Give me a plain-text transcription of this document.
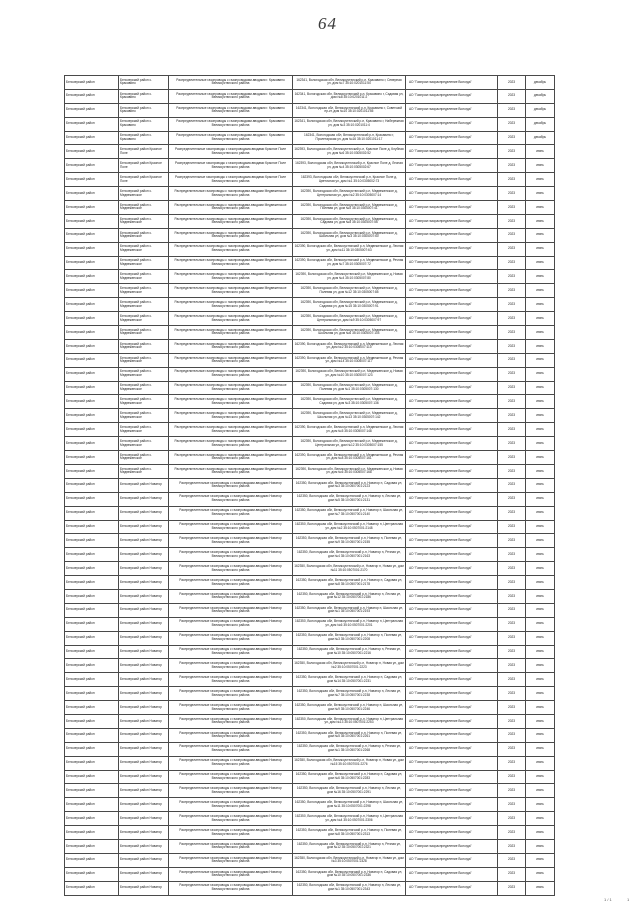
64
Белозерский район	Белозерский район с. Красавино	Распределительные газопроводы с газопроводами-вводами г. Красавино Великоустюгского района	162341, Вологодская обл, Великоустюгский р-н, Красавино г, Северная ул, дом №7 35:10:0201011:54	АО "Газпром газораспределение Вологда"	2023	декабрь
Белозерский район	Белозерский район с. Красавино	Распределительные газопроводы с газопроводами-вводами г. Красавино Великоустюгского района	162341, Вологодская обл, Великоустюгский р-н, Красавино г, Садовая ул, дом №8 35:10:0201011:2	АО "Газпром газораспределение Вологда"	2023	декабрь
Белозерский район	Белозерский район с. Красавино	Распределительные газопроводы с газопроводами-вводами г. Красавино Великоустюгского района	162341, Вологодская обл, Великоустюгский р-н, Красавино г, Советский пр-кт, дом №10 35:10:0201011:55	АО "Газпром газораспределение Вологда"	2023	декабрь
Белозерский район	Белозерский район с. Красавино	Распределительные газопроводы с газопроводами-вводами г. Красавино Великоустюгского района	162341, Вологодская обл, Великоустюгский р-н, Красавино г, Набережная ул, дом №3 35:10:0201011:4	АО "Газпром газораспределение Вологда"	2023	декабрь
Белозерский район	Белозерский район с. Красавино	Распределительные газопроводы с газопроводами-вводами г. Красавино Великоустюгского района	162341, Вологодская обл, Великоустюгский р-н, Красавино г, Пролетарская ул, дом №16 35:10:0201011:17	АО "Газпром газораспределение Вологда"	2023	декабрь
Белозерский район	Белозерский район Красное Поле	Распределительные газопроводы с газопроводами-вводами Красное Поле Великоустюгского района	162393, Вологодская обл, Великоустюгский р-н, Красное Поле д, Клубная ул, дом №6 35:10:0305002:52	АО "Газпром газораспределение Вологда"	2023	июнь
Белозерский район	Белозерский район Красное Поле	Распределительные газопроводы с газопроводами-вводами Красное Поле Великоустюгского района	162393, Вологодская обл, Великоустюгский р-н, Красное Поле д, Лесная ул, дом №4 35:10:0305002:67	АО "Газпром газораспределение Вологда"	2023	июнь
Белозерский район	Белозерский район Красное Поле	Распределительные газопроводы с газопроводами-вводами Красное Поле Великоустюгского района	162393, Вологодская обл, Великоустюгский р-н, Красное Поле д, Цветочная ул, дом №1 35:10:0305002:73	АО "Газпром газораспределение Вологда"	2023	июнь
Белозерский район	Белозерский район с. Медвеженское	Распределительные газопроводы с газопроводами-вводами Медвеженское Великоустюгского района	162390, Вологодская обл, Великоустюгский р-н, Медвеженское д, Центральная ул, дом №2 35:10:0305007:14	АО "Газпром газораспределение Вологда"	2023	июнь
Белозерский район	Белозерский район с. Медвеженское	Распределительные газопроводы с газопроводами-вводами Медвеженское Великоустюгского района	162390, Вологодская обл, Великоустюгский р-н, Медвеженское д, Полевая ул, дом №5 35:10:0305007:41	АО "Газпром газораспределение Вологда"	2023	июнь
Белозерский район	Белозерский район с. Медвеженское	Распределительные газопроводы с газопроводами-вводами Медвеженское Великоустюгского района	162390, Вологодская обл, Великоустюгский р-н, Медвеженское д, Садовая ул, дом №8 35:10:0305007:56	АО "Газпром газораспределение Вологда"	2023	июнь
Белозерский район	Белозерский район с. Медвеженское	Распределительные газопроводы с газопроводами-вводами Медвеженское Великоустюгского района	162390, Вологодская обл, Великоустюгский р-н, Медвеженское д, Школьная ул, дом №3 35:10:0305007:60	АО "Газпром газораспределение Вологда"	2023	июнь
Белозерский район	Белозерский район с. Медвеженское	Распределительные газопроводы с газопроводами-вводами Медвеженское Великоустюгского района	162390, Вологодская обл, Великоустюгский р-н, Медвеженское д, Лесная ул, дом №11 35:10:0305007:63	АО "Газпром газораспределение Вологда"	2023	июнь
Белозерский район	Белозерский район с. Медвеженское	Распределительные газопроводы с газопроводами-вводами Медвеженское Великоустюгского района	162390, Вологодская обл, Великоустюгский р-н, Медвеженское д, Речная ул, дом №7 35:10:0305007:72	АО "Газпром газораспределение Вологда"	2023	июнь
Белозерский район	Белозерский район с. Медвеженское	Распределительные газопроводы с газопроводами-вводами Медвеженское Великоустюгского района	162390, Вологодская обл, Великоустюгский р-н, Медвеженское д, Новая ул, дом №4 35:10:0305007:80	АО "Газпром газораспределение Вологда"	2023	июнь
Белозерский район	Белозерский район с. Медвеженское	Распределительные газопроводы с газопроводами-вводами Медвеженское Великоустюгского района	162390, Вологодская обл, Великоустюгский р-н, Медвеженское д, Полевая ул, дом №12 35:10:0305007:85	АО "Газпром газораспределение Вологда"	2023	июнь
Белозерский район	Белозерский район с. Медвеженское	Распределительные газопроводы с газопроводами-вводами Медвеженское Великоустюгского района	162390, Вологодская обл, Великоустюгский р-н, Медвеженское д, Садовая ул, дом №15 35:10:0305007:91	АО "Газпром газораспределение Вологда"	2023	июнь
Белозерский район	Белозерский район с. Медвеженское	Распределительные газопроводы с газопроводами-вводами Медвеженское Великоустюгского района	162390, Вологодская обл, Великоустюгский р-н, Медвеженское д, Центральная ул, дом №9 35:10:0305007:97	АО "Газпром газораспределение Вологда"	2023	июнь
Белозерский район	Белозерский район с. Медвеженское	Распределительные газопроводы с газопроводами-вводами Медвеженское Великоустюгского района	162390, Вологодская обл, Великоустюгский р-н, Медвеженское д, Школьная ул, дом №6 35:10:0305007:104	АО "Газпром газораспределение Вологда"	2023	июнь
Белозерский район	Белозерский район с. Медвеженское	Распределительные газопроводы с газопроводами-вводами Медвеженское Великоустюгского района	162390, Вологодская обл, Великоустюгский р-н, Медвеженское д, Лесная ул, дом №2 35:10:0305007:110	АО "Газпром газораспределение Вологда"	2023	июнь
Белозерский район	Белозерский район с. Медвеженское	Распределительные газопроводы с газопроводами-вводами Медвеженское Великоустюгского района	162390, Вологодская обл, Великоустюгский р-н, Медвеженское д, Речная ул, дом №14 35:10:0305007:117	АО "Газпром газораспределение Вологда"	2023	июль
Белозерский район	Белозерский район с. Медвеженское	Распределительные газопроводы с газопроводами-вводами Медвеженское Великоустюгского района	162390, Вологодская обл, Великоустюгский р-н, Медвеженское д, Новая ул, дом №10 35:10:0305007:123	АО "Газпром газораспределение Вологда"	2023	июль
Белозерский район	Белозерский район с. Медвеженское	Распределительные газопроводы с газопроводами-вводами Медвеженское Великоустюгского района	162390, Вологодская обл, Великоустюгский р-н, Медвеженское д, Полевая ул, дом №1 35:10:0305007:130	АО "Газпром газораспределение Вологда"	2023	июль
Белозерский район	Белозерский район с. Медвеженское	Распределительные газопроводы с газопроводами-вводами Медвеженское Великоустюгского района	162390, Вологодская обл, Великоустюгский р-н, Медвеженское д, Садовая ул, дом №3 35:10:0305007:136	АО "Газпром газораспределение Вологда"	2023	июль
Белозерский район	Белозерский район с. Медвеженское	Распределительные газопроводы с газопроводами-вводами Медвеженское Великоустюгского района	162390, Вологодская обл, Великоустюгский р-н, Медвеженское д, Школьная ул, дом №13 35:10:0305007:142	АО "Газпром газораспределение Вологда"	2023	июль
Белозерский район	Белозерский район с. Медвеженское	Распределительные газопроводы с газопроводами-вводами Медвеженское Великоустюгского района	162390, Вологодская обл, Великоустюгский р-н, Медвеженское д, Лесная ул, дом №5 35:10:0305007:148	АО "Газпром газораспределение Вологда"	2023	июль
Белозерский район	Белозерский район с. Медвеженское	Распределительные газопроводы с газопроводами-вводами Медвеженское Великоустюгского района	162390, Вологодская обл, Великоустюгский р-н, Медвеженское д, Центральная ул, дом №12 35:10:0305007:155	АО "Газпром газораспределение Вологда"	2023	июль
Белозерский район	Белозерский район с. Медвеженское	Распределительные газопроводы с газопроводами-вводами Медвеженское Великоустюгского района	162390, Вологодская обл, Великоустюгский р-н, Медвеженское д, Речная ул, дом №8 35:10:0305007:161	АО "Газпром газораспределение Вологда"	2023	июль
Белозерский район	Белозерский район с. Медвеженское	Распределительные газопроводы с газопроводами-вводами Медвеженское Великоустюгского района	162390, Вологодская обл, Великоустюгский р-н, Медвеженское д, Новая ул, дом №6 35:10:0305007:168	АО "Газпром газораспределение Вологда"	2023	июль
Белозерский район	Белозерский район Новатор	Распределительные газопроводы с газопроводами-вводами Новатор Великоустюгского района	162350, Вологодская обл, Великоустюгский р-н, Новатор п, Садовая ул, дом №3 35:10:0507001:2123	АО "Газпром газораспределение Вологда"	2023	июль
Белозерский район	Белозерский район Новатор	Распределительные газопроводы с газопроводами-вводами Новатор Великоустюгского района	162350, Вологодская обл, Великоустюгский р-н, Новатор п, Лесная ул, дом №5 35:10:0507001:2131	АО "Газпром газораспределение Вологда"	2023	июль
Белозерский район	Белозерский район Новатор	Распределительные газопроводы с газопроводами-вводами Новатор Великоустюгского района	162350, Вологодская обл, Великоустюгский р-н, Новатор п, Школьная ул, дом №7 35:10:0507001:2140	АО "Газпром газораспределение Вологда"	2023	июль
Белозерский район	Белозерский район Новатор	Распределительные газопроводы с газопроводами-вводами Новатор Великоустюгского района	162350, Вологодская обл, Великоустюгский р-н, Новатор п, Центральная ул, дом №2 35:10:0507001:2148	АО "Газпром газораспределение Вологда"	2023	июль
Белозерский район	Белозерский район Новатор	Распределительные газопроводы с газопроводами-вводами Новатор Великоустюгского района	162350, Вологодская обл, Великоустюгский р-н, Новатор п, Полевая ул, дом №9 35:10:0507001:2155	АО "Газпром газораспределение Вологда"	2023	июль
Белозерский район	Белозерский район Новатор	Распределительные газопроводы с газопроводами-вводами Новатор Великоустюгского района	162350, Вологодская обл, Великоустюгский р-н, Новатор п, Речная ул, дом №4 35:10:0507001:2163	АО "Газпром газораспределение Вологда"	2023	июль
Белозерский район	Белозерский район Новатор	Распределительные газопроводы с газопроводами-вводами Новатор Великоустюгского района	162350, Вологодская обл, Великоустюгский р-н, Новатор п, Новая ул, дом №11 35:10:0507001:2170	АО "Газпром газораспределение Вологда"	2023	июль
Белозерский район	Белозерский район Новатор	Распределительные газопроводы с газопроводами-вводами Новатор Великоустюгского района	162350, Вологодская обл, Великоустюгский р-н, Новатор п, Садовая ул, дом №8 35:10:0507001:2178	АО "Газпром газораспределение Вологда"	2023	июль
Белозерский район	Белозерский район Новатор	Распределительные газопроводы с газопроводами-вводами Новатор Великоустюгского района	162350, Вологодская обл, Великоустюгский р-н, Новатор п, Лесная ул, дом №12 35:10:0507001:2186	АО "Газпром газораспределение Вологда"	2023	июль
Белозерский район	Белозерский район Новатор	Распределительные газопроводы с газопроводами-вводами Новатор Великоустюгского района	162350, Вологодская обл, Великоустюгский р-н, Новатор п, Школьная ул, дом №1 35:10:0507001:2193	АО "Газпром газораспределение Вологда"	2023	июль
Белозерский район	Белозерский район Новатор	Распределительные газопроводы с газопроводами-вводами Новатор Великоустюгского района	162350, Вологодская обл, Великоустюгский р-н, Новатор п, Центральная ул, дом №6 35:10:0507001:2201	АО "Газпром газораспределение Вологда"	2023	июль
Белозерский район	Белозерский район Новатор	Распределительные газопроводы с газопроводами-вводами Новатор Великоустюгского района	162350, Вологодская обл, Великоустюгский р-н, Новатор п, Полевая ул, дом №3 35:10:0507001:2208	АО "Газпром газораспределение Вологда"	2023	июль
Белозерский район	Белозерский район Новатор	Распределительные газопроводы с газопроводами-вводами Новатор Великоустюгского района	162350, Вологодская обл, Великоустюгский р-н, Новатор п, Речная ул, дом №10 35:10:0507001:2216	АО "Газпром газораспределение Вологда"	2023	июль
Белозерский район	Белозерский район Новатор	Распределительные газопроводы с газопроводами-вводами Новатор Великоустюгского района	162350, Вологодская обл, Великоустюгский р-н, Новатор п, Новая ул, дом №2 35:10:0507001:2223	АО "Газпром газораспределение Вологда"	2023	июль
Белозерский район	Белозерский район Новатор	Распределительные газопроводы с газопроводами-вводами Новатор Великоустюгского района	162350, Вологодская обл, Великоустюгский р-н, Новатор п, Садовая ул, дом №14 35:10:0507001:2231	АО "Газпром газораспределение Вологда"	2023	июль
Белозерский район	Белозерский район Новатор	Распределительные газопроводы с газопроводами-вводами Новатор Великоустюгского района	162350, Вологодская обл, Великоустюгский р-н, Новатор п, Лесная ул, дом №7 35:10:0507001:2238	АО "Газпром газораспределение Вологда"	2023	июль
Белозерский район	Белозерский район Новатор	Распределительные газопроводы с газопроводами-вводами Новатор Великоустюгского района	162350, Вологодская обл, Великоустюгский р-н, Новатор п, Школьная ул, дом №9 35:10:0507001:2246	АО "Газпром газораспределение Вологда"	2023	июль
Белозерский район	Белозерский район Новатор	Распределительные газопроводы с газопроводами-вводами Новатор Великоустюгского района	162350, Вологодская обл, Великоустюгский р-н, Новатор п, Центральная ул, дом №13 35:10:0507001:2253	АО "Газпром газораспределение Вологда"	2023	июль
Белозерский район	Белозерский район Новатор	Распределительные газопроводы с газопроводами-вводами Новатор Великоустюгского района	162350, Вологодская обл, Великоустюгский р-н, Новатор п, Полевая ул, дом №5 35:10:0507001:2261	АО "Газпром газораспределение Вологда"	2023	июль
Белозерский район	Белозерский район Новатор	Распределительные газопроводы с газопроводами-вводами Новатор Великоустюгского района	162350, Вологодская обл, Великоустюгский р-н, Новатор п, Речная ул, дом №1 35:10:0507001:2268	АО "Газпром газораспределение Вологда"	2023	июль
Белозерский район	Белозерский район Новатор	Распределительные газопроводы с газопроводами-вводами Новатор Великоустюгского района	162350, Вологодская обл, Великоустюгский р-н, Новатор п, Новая ул, дом №15 35:10:0507001:2276	АО "Газпром газораспределение Вологда"	2023	июль
Белозерский район	Белозерский район Новатор	Распределительные газопроводы с газопроводами-вводами Новатор Великоустюгского района	162350, Вологодская обл, Великоустюгский р-н, Новатор п, Садовая ул, дом №6 35:10:0507001:2283	АО "Газпром газораспределение Вологда"	2023	июль
Белозерский район	Белозерский район Новатор	Распределительные газопроводы с газопроводами-вводами Новатор Великоустюгского района	162350, Вологодская обл, Великоустюгский р-н, Новатор п, Лесная ул, дом №16 35:10:0507001:2291	АО "Газпром газораспределение Вологда"	2023	июль
Белозерский район	Белозерский район Новатор	Распределительные газопроводы с газопроводами-вводами Новатор Великоустюгского района	162350, Вологодская обл, Великоустюгский р-н, Новатор п, Школьная ул, дом №11 35:10:0507001:2298	АО "Газпром газораспределение Вологда"	2023	июль
Белозерский район	Белозерский район Новатор	Распределительные газопроводы с газопроводами-вводами Новатор Великоустюгского района	162350, Вологодская обл, Великоустюгский р-н, Новатор п, Центральная ул, дом №4 35:10:0507001:2306	АО "Газпром газораспределение Вологда"	2023	июль
Белозерский район	Белозерский район Новатор	Распределительные газопроводы с газопроводами-вводами Новатор Великоустюгского района	162350, Вологодская обл, Великоустюгский р-н, Новатор п, Полевая ул, дом №8 35:10:0507001:2313	АО "Газпром газораспределение Вологда"	2023	июль
Белозерский район	Белозерский район Новатор	Распределительные газопроводы с газопроводами-вводами Новатор Великоустюгского района	162350, Вологодская обл, Великоустюгский р-н, Новатор п, Речная ул, дом №12 35:10:0507001:2321	АО "Газпром газораспределение Вологда"	2023	июль
Белозерский район	Белозерский район Новатор	Распределительные газопроводы с газопроводами-вводами Новатор Великоустюгского района	162350, Вологодская обл, Великоустюгский р-н, Новатор п, Новая ул, дом №3 35:10:0507001:2328	АО "Газпром газораспределение Вологда"	2023	июль
Белозерский район	Белозерский район Новатор	Распределительные газопроводы с газопроводами-вводами Новатор Великоустюгского района	162350, Вологодская обл, Великоустюгский р-н, Новатор п, Садовая ул, дом №10 35:10:0507001:2336	АО "Газпром газораспределение Вологда"	2023	июль
Белозерский район	Белозерский район Новатор	Распределительные газопроводы с газопроводами-вводами Новатор Великоустюгского района	162350, Вологодская обл, Великоустюгский р-н, Новатор п, Лесная ул, дом №1 35:10:0507001:2343	АО "Газпром газораспределение Вологда"	2023	июль
1 / 1	1
